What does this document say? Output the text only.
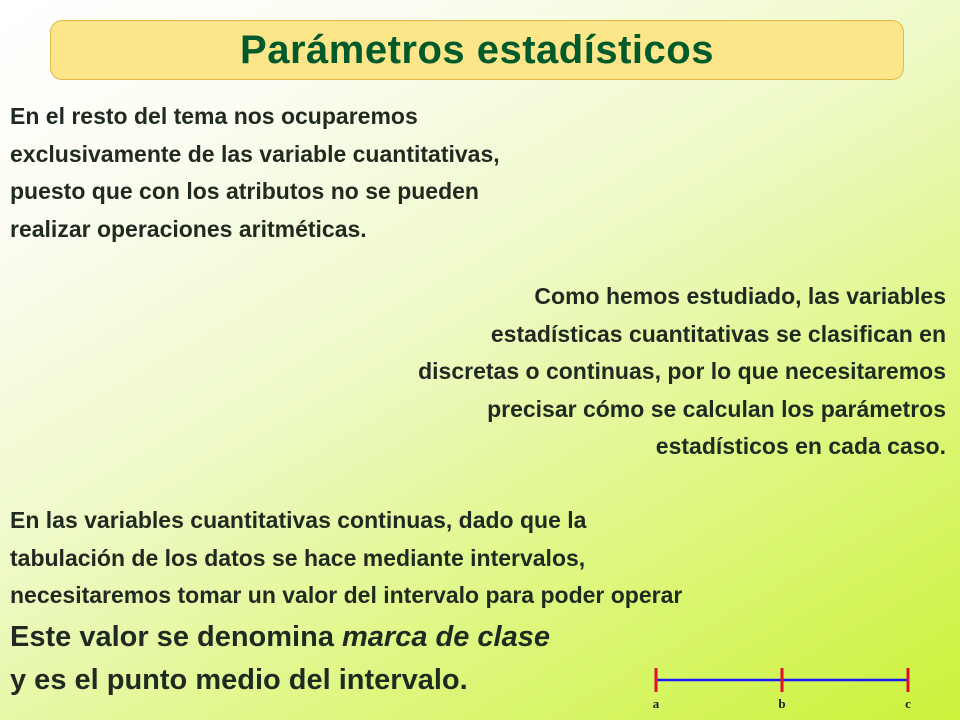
Parámetros estadísticos
En el resto del tema nos ocuparemos
exclusivamente de las variable cuantitativas,
puesto que con los atributos no se pueden
realizar operaciones aritméticas.
Como hemos estudiado, las variables
estadísticas cuantitativas se clasifican en
discretas o continuas, por lo que necesitaremos
precisar cómo se calculan los parámetros
estadísticos en cada caso.
En las variables cuantitativas continuas, dado que la
tabulación de los datos se hace mediante intervalos,
necesitaremos tomar un valor del intervalo para poder operar
Este valor se denomina marca de clase
y es el punto medio del intervalo.
a	b	c
